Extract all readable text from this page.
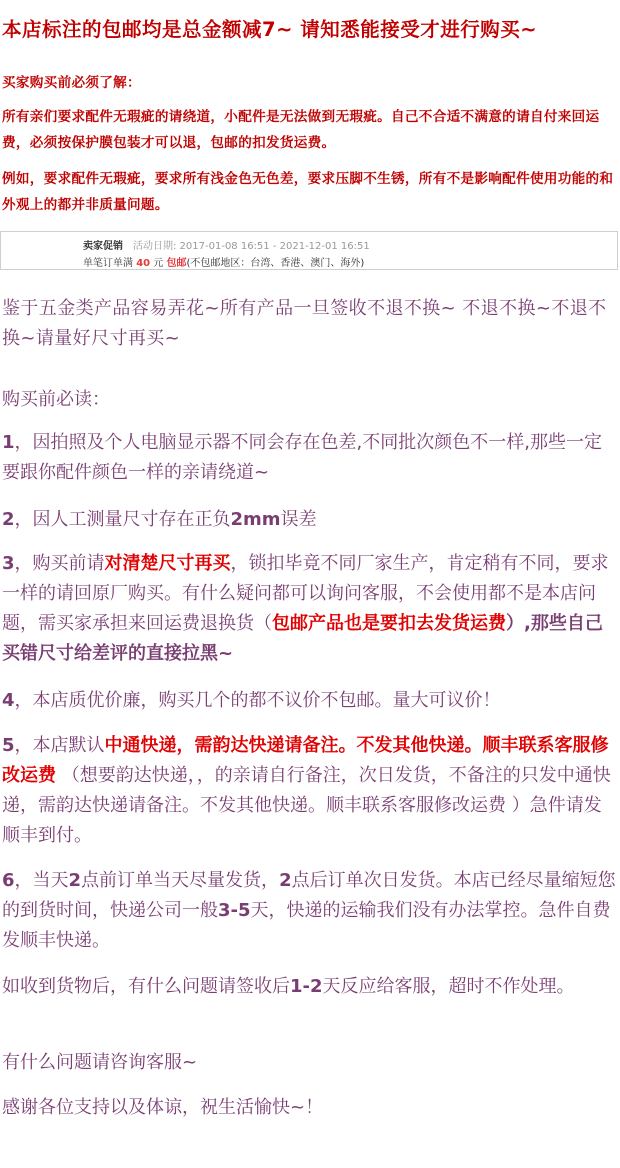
本店标注的包邮均是总金额减7~ 请知悉能接受才进行购买~

买家购买前必须了解：

所有亲们要求配件无瑕疵的请绕道，小配件是无法做到无瑕疵。自己不合适不满意的请自付来回运费，必须按保护膜包装才可以退，包邮的扣发货运费。

例如，要求配件无瑕疵，要求所有浅金色无色差，要求压脚不生锈，所有不是影响配件使用功能的和外观上的都并非质量问题。

卖家促销 活动日期: 2017-01-08 16:51 - 2021-12-01 16:51
单笔订单满 40 元 包邮(不包邮地区：台湾、香港、澳门、海外)

鉴于五金类产品容易弄花~所有产品一旦签收不退不换~ 不退不换~不退不换~请量好尺寸再买~

购买前必读：

1，因拍照及个人电脑显示器不同会存在色差,不同批次颜色不一样,那些一定要跟你配件颜色一样的亲请绕道~

2，因人工测量尺寸存在正负2mm误差

3，购买前请对清楚尺寸再买，锁扣毕竟不同厂家生产，肯定稍有不同，要求一样的请回原厂购买。有什么疑问都可以询问客服，不会使用都不是本店问题，需买家承担来回运费退换货（包邮产品也是要扣去发货运费）,那些自己买错尺寸给差评的直接拉黑~

4，本店质优价廉，购买几个的都不议价不包邮。量大可议价！

5，本店默认中通快递，需韵达快递请备注。不发其他快递。顺丰联系客服修改运费 （想要韵达快递，，的亲请自行备注，次日发货，不备注的只发中通快递，需韵达快递请备注。不发其他快递。顺丰联系客服修改运费 ）急件请发顺丰到付。

6，当天2点前订单当天尽量发货，2点后订单次日发货。本店已经尽量缩短您的到货时间，快递公司一般3-5天，快递的运输我们没有办法掌控。急件自费发顺丰快递。

如收到货物后，有什么问题请签收后1-2天反应给客服，超时不作处理。

有什么问题请咨询客服~

感谢各位支持以及体谅，祝生活愉快~！
